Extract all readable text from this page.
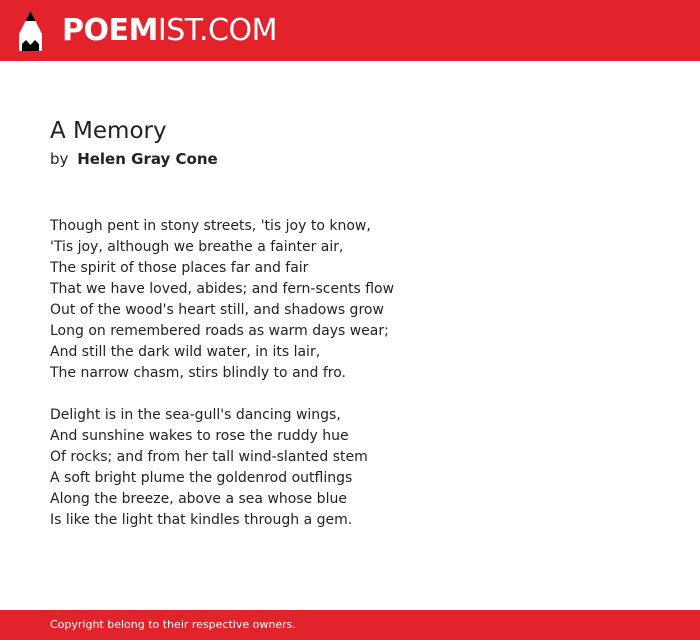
POEMIST.COM
A Memory
by Helen Gray Cone
Though pent in stony streets, 'tis joy to know,
'Tis joy, although we breathe a fainter air,
The spirit of those places far and fair
That we have loved, abides; and fern-scents flow
Out of the wood's heart still, and shadows grow
Long on remembered roads as warm days wear;
And still the dark wild water, in its lair,
The narrow chasm, stirs blindly to and fro.
Delight is in the sea-gull's dancing wings,
And sunshine wakes to rose the ruddy hue
Of rocks; and from her tall wind-slanted stem
A soft bright plume the goldenrod outflings
Along the breeze, above a sea whose blue
Is like the light that kindles through a gem.
Copyright belong to their respective owners.
